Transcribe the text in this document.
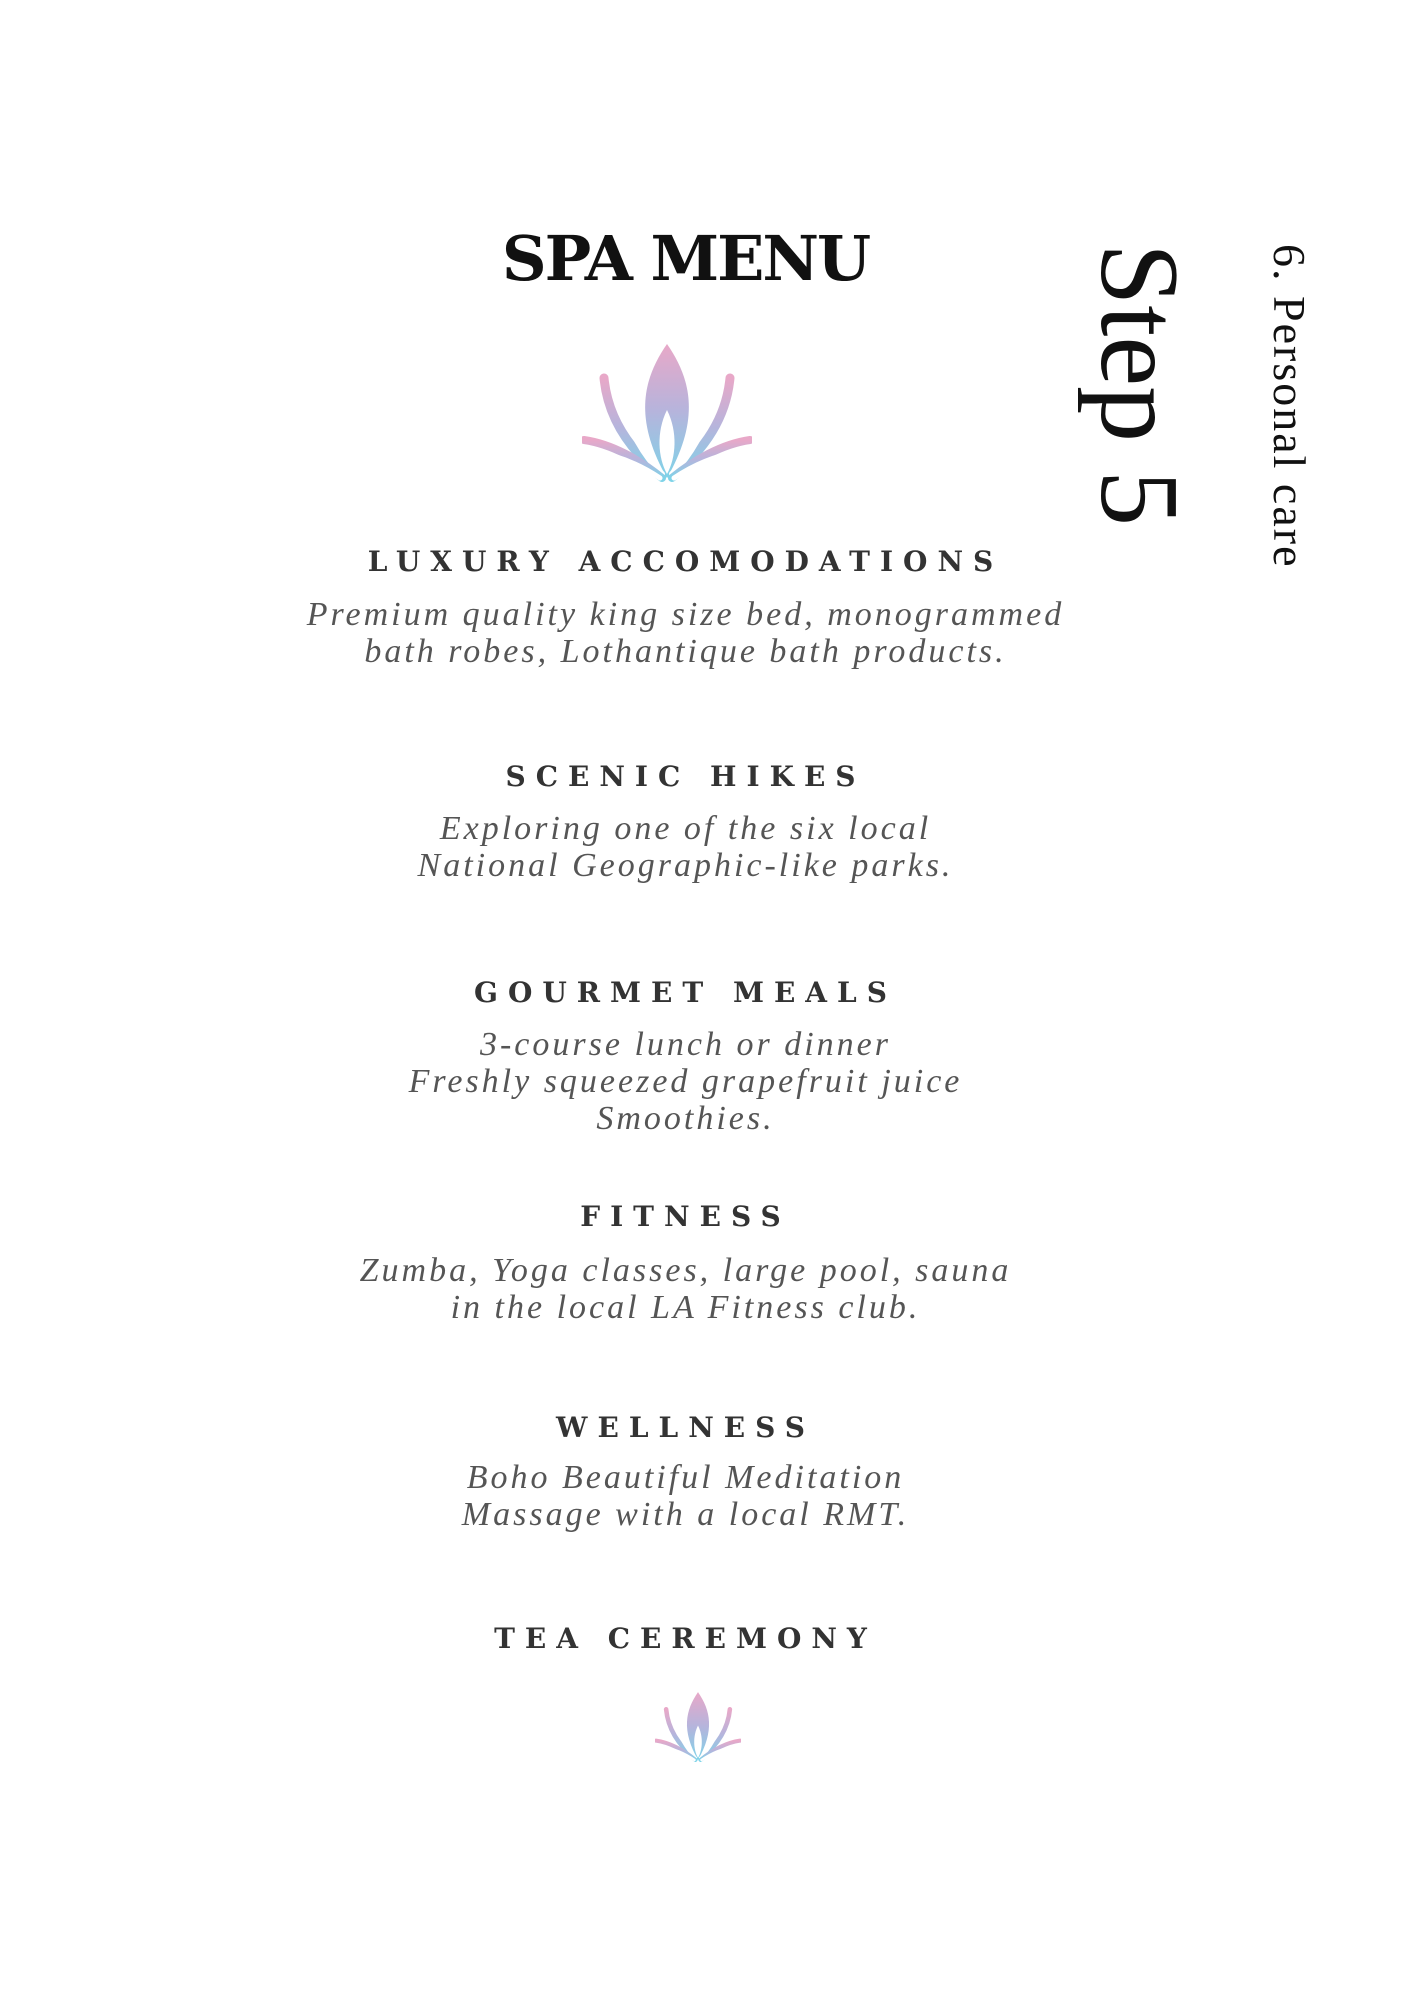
SPA MENU	Step 5 6. Personal care
LUXURY ACCOMODATIONS

Premium quality king size bed, monogrammed
bath robes, Lothantique bath products.

SCENIC HIKES

Exploring one of the six local
National Geographic-like parks.

GOURMET MEALS

3-course lunch or dinner
Freshly squeezed grapefruit juice
Smoothies.

FITNESS

Zumba, Yoga classes, large pool, sauna
in the local LA Fitness club.

WELLNESS

Boho Beautiful Meditation
Massage with a local RMT.

TEA CEREMONY
